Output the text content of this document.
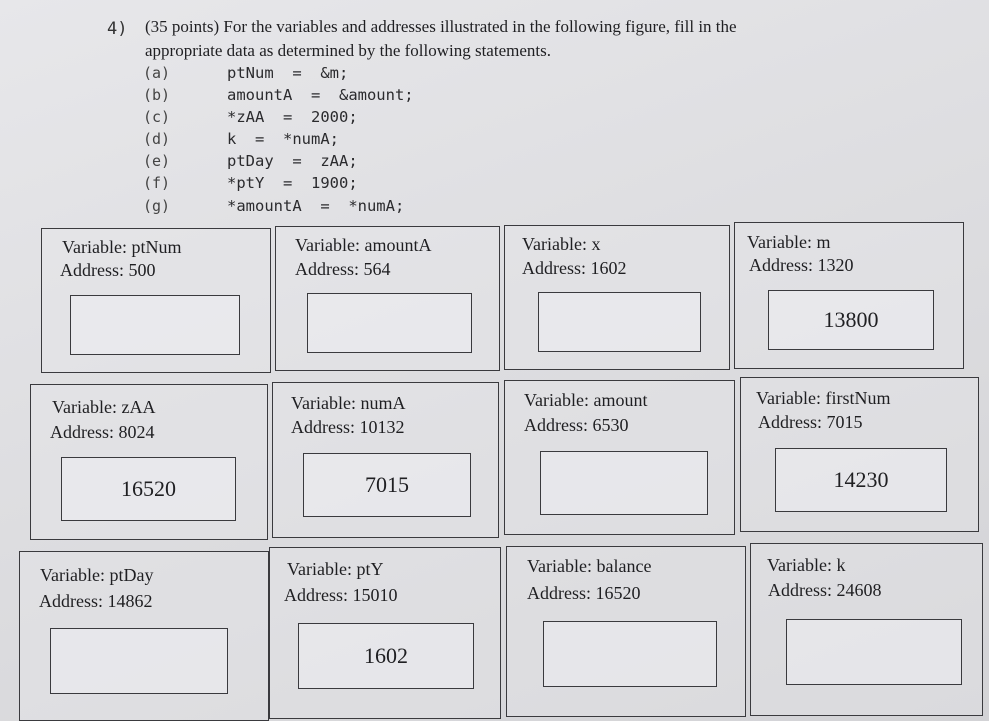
4) (35 points) For the variables and addresses illustrated in the following figure, fill in the
appropriate data as determined by the following statements.
(a)	ptNum  =  &m;
(b)	amountA  =  &amount;
(c)	*zAA  =  2000;
(d)	k  =  *numA;
(e)	ptDay  =  zAA;
(f)	*ptY  =  1900;
(g)	*amountA  =  *numA;
Variable: ptNum
Address: 500
Variable: amountA
Address: 564
Variable: x
Address: 1602
Variable: m
Address: 1320
13800
Variable: zAA
Address: 8024
16520
Variable: numA
Address: 10132
7015
Variable: amount
Address: 6530
Variable: firstNum
Address: 7015
14230
Variable: ptDay
Address: 14862
Variable: ptY
Address: 15010
1602
Variable: balance
Address: 16520
Variable: k
Address: 24608
